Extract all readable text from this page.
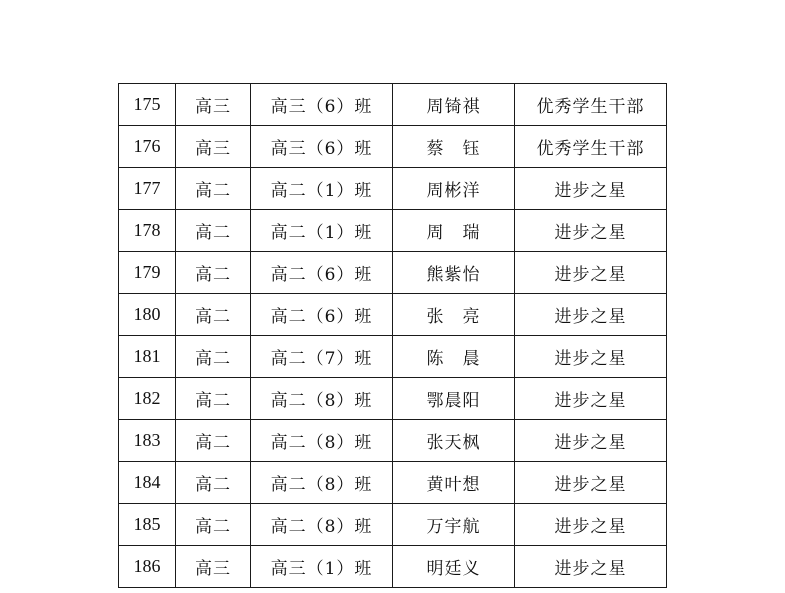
175	高三	高三（6）班	周锜祺	优秀学生干部
176	高三	高三（6）班	蔡　钰	优秀学生干部
177	高二	高二（1）班	周彬洋	进步之星
178	高二	高二（1）班	周　瑞	进步之星
179	高二	高二（6）班	熊紫怡	进步之星
180	高二	高二（6）班	张　亮	进步之星
181	高二	高二（7）班	陈　晨	进步之星
182	高二	高二（8）班	鄂晨阳	进步之星
183	高二	高二（8）班	张天枫	进步之星
184	高二	高二（8）班	黄叶想	进步之星
185	高二	高二（8）班	万宇航	进步之星
186	高三	高三（1）班	明廷义	进步之星
